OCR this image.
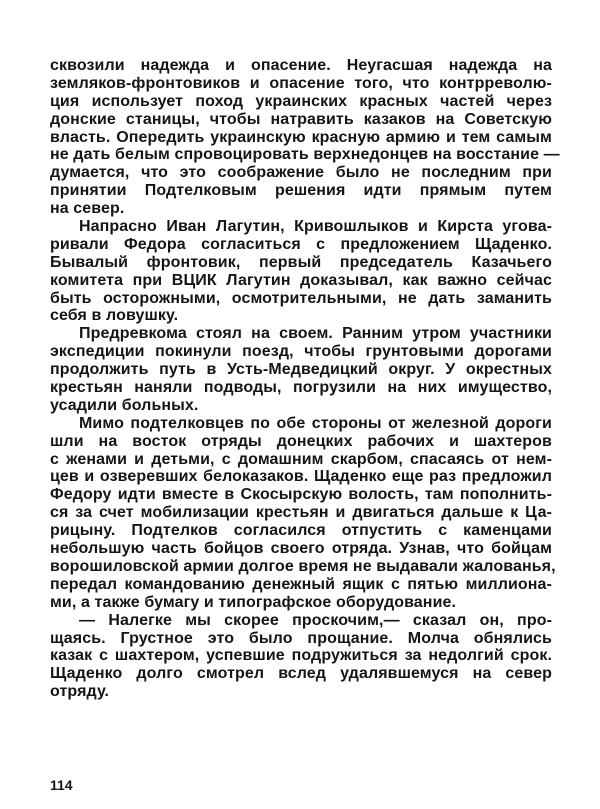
сквозили надежда и опасение. Неугасшая надежда на
земляков-фронтовиков и опасение того, что контрреволю-
ция использует поход украинских красных частей через
донские станицы, чтобы натравить казаков на Советскую
власть. Опередить украинскую красную армию и тем самым
не дать белым спровоцировать верхнедонцев на восстание —
думается, что это соображение было не последним при
принятии Подтелковым решения идти прямым путем
на север.
Напрасно Иван Лагутин, Кривошлыков и Кирста угова-
ривали Федора согласиться с предложением Щаденко.
Бывалый фронтовик, первый председатель Казачьего
комитета при ВЦИК Лагутин доказывал, как важно сейчас
быть осторожными, осмотрительными, не дать заманить
себя в ловушку.
Предревкома стоял на своем. Ранним утром участники
экспедиции покинули поезд, чтобы грунтовыми дорогами
продолжить путь в Усть-Медведицкий округ. У окрестных
крестьян наняли подводы, погрузили на них имущество,
усадили больных.
Мимо подтелковцев по обе стороны от железной дороги
шли на восток отряды донецких рабочих и шахтеров
с женами и детьми, с домашним скарбом, спасаясь от нем-
цев и озверевших белоказаков. Щаденко еще раз предложил
Федору идти вместе в Скосырскую волость, там пополнить-
ся за счет мобилизации крестьян и двигаться дальше к Ца-
рицыну. Подтелков согласился отпустить с каменцами
небольшую часть бойцов своего отряда. Узнав, что бойцам
ворошиловской армии долгое время не выдавали жалованья,
передал командованию денежный ящик с пятью миллиона-
ми, а также бумагу и типографское оборудование.
— Налегке мы скорее проскочим,— сказал он, про-
щаясь. Грустное это было прощание. Молча обнялись
казак с шахтером, успевшие подружиться за недолгий срок.
Щаденко долго смотрел вслед удалявшемуся на север
отряду.
114
